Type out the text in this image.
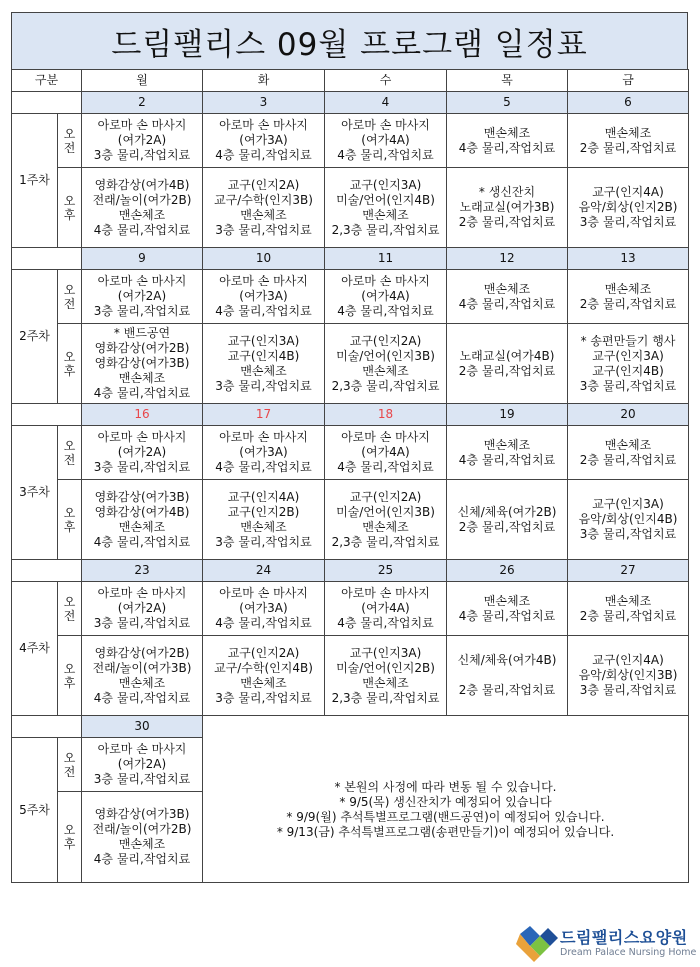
드림팰리스 09월 프로그램 일정표
구분		월	화	수	목	금
		2	3	4	5	6
1주차	오
전	아로마 손 마사지
(여가2A)
3층 물리,작업치료	아로마 손 마사지
(여가3A)
4층 물리,작업치료	아로마 손 마사지
(여가4A)
4층 물리,작업치료	맨손체조
4층 물리,작업치료	맨손체조
2층 물리,작업치료

	오
후	영화감상(여가4B)
전래/놀이(여가2B)
맨손체조
4층 물리,작업치료	교구(인지2A)
교구/수학(인지3B)
맨손체조
3층 물리,작업치료	교구(인지3A)
미술/언어(인지4B)
맨손체조
2,3층 물리,작업치료	* 생신잔치
노래교실(여가3B)
2층 물리,작업치료	교구(인지4A)
음악/회상(인지2B)
3층 물리,작업치료

		9	10	11	12	13
2주차	오
전	아로마 손 마사지
(여가2A)
3층 물리,작업치료	아로마 손 마사지
(여가3A)
4층 물리,작업치료	아로마 손 마사지
(여가4A)
4층 물리,작업치료	맨손체조
4층 물리,작업치료	맨손체조
2층 물리,작업치료

	오
후	* 밴드공연
영화감상(여가2B)
영화감상(여가3B)
맨손체조
4층 물리,작업치료	교구(인지3A)
교구(인지4B)
맨손체조
3층 물리,작업치료	교구(인지2A)
미술/언어(인지3B)
맨손체조
2,3층 물리,작업치료	노래교실(여가4B)
2층 물리,작업치료	* 송편만들기 행사
교구(인지3A)
교구(인지4B)
3층 물리,작업치료

		16	17	18	19	20
3주차	오
전	아로마 손 마사지
(여가2A)
3층 물리,작업치료	아로마 손 마사지
(여가3A)
4층 물리,작업치료	아로마 손 마사지
(여가4A)
4층 물리,작업치료	맨손체조
4층 물리,작업치료	맨손체조
2층 물리,작업치료

	오
후	영화감상(여가3B)
영화감상(여가4B)
맨손체조
4층 물리,작업치료	교구(인지4A)
교구(인지2B)
맨손체조
3층 물리,작업치료	교구(인지2A)
미술/언어(인지3B)
맨손체조
2,3층 물리,작업치료	신체/체육(여가2B)
2층 물리,작업치료	교구(인지3A)
음악/회상(인지4B)
3층 물리,작업치료

		23	24	25	26	27
4주차	오
전	아로마 손 마사지
(여가2A)
3층 물리,작업치료	아로마 손 마사지
(여가3A)
4층 물리,작업치료	아로마 손 마사지
(여가4A)
4층 물리,작업치료	맨손체조
4층 물리,작업치료	맨손체조
2층 물리,작업치료

	오
후	영화감상(여가2B)
전래/놀이(여가3B)
맨손체조
4층 물리,작업치료	교구(인지2A)
교구/수학(인지4B)
맨손체조
3층 물리,작업치료	교구(인지3A)
미술/언어(인지2B)
맨손체조
2,3층 물리,작업치료	신체/체육(여가4B)

2층 물리,작업치료	교구(인지4A)
음악/회상(인지3B)
3층 물리,작업치료

		30				
5주차	오
전	아로마 손 마사지
(여가2A)
3층 물리,작업치료	* 본원의 사정에 따라 변동 될 수 있습니다.
* 9/5(목) 생신잔치가 예정되어 있습니다
* 9/9(월) 추석특별프로그램(밴드공연)이 예정되어 있습니다.
* 9/13(금) 추석특별프로그램(송편만들기)이 예정되어 있습니다.			

	오
후	영화감상(여가3B)
전래/놀이(여가2B)
맨손체조
4층 물리,작업치료				
드림팰리스요양원
Dream Palace Nursing Home
